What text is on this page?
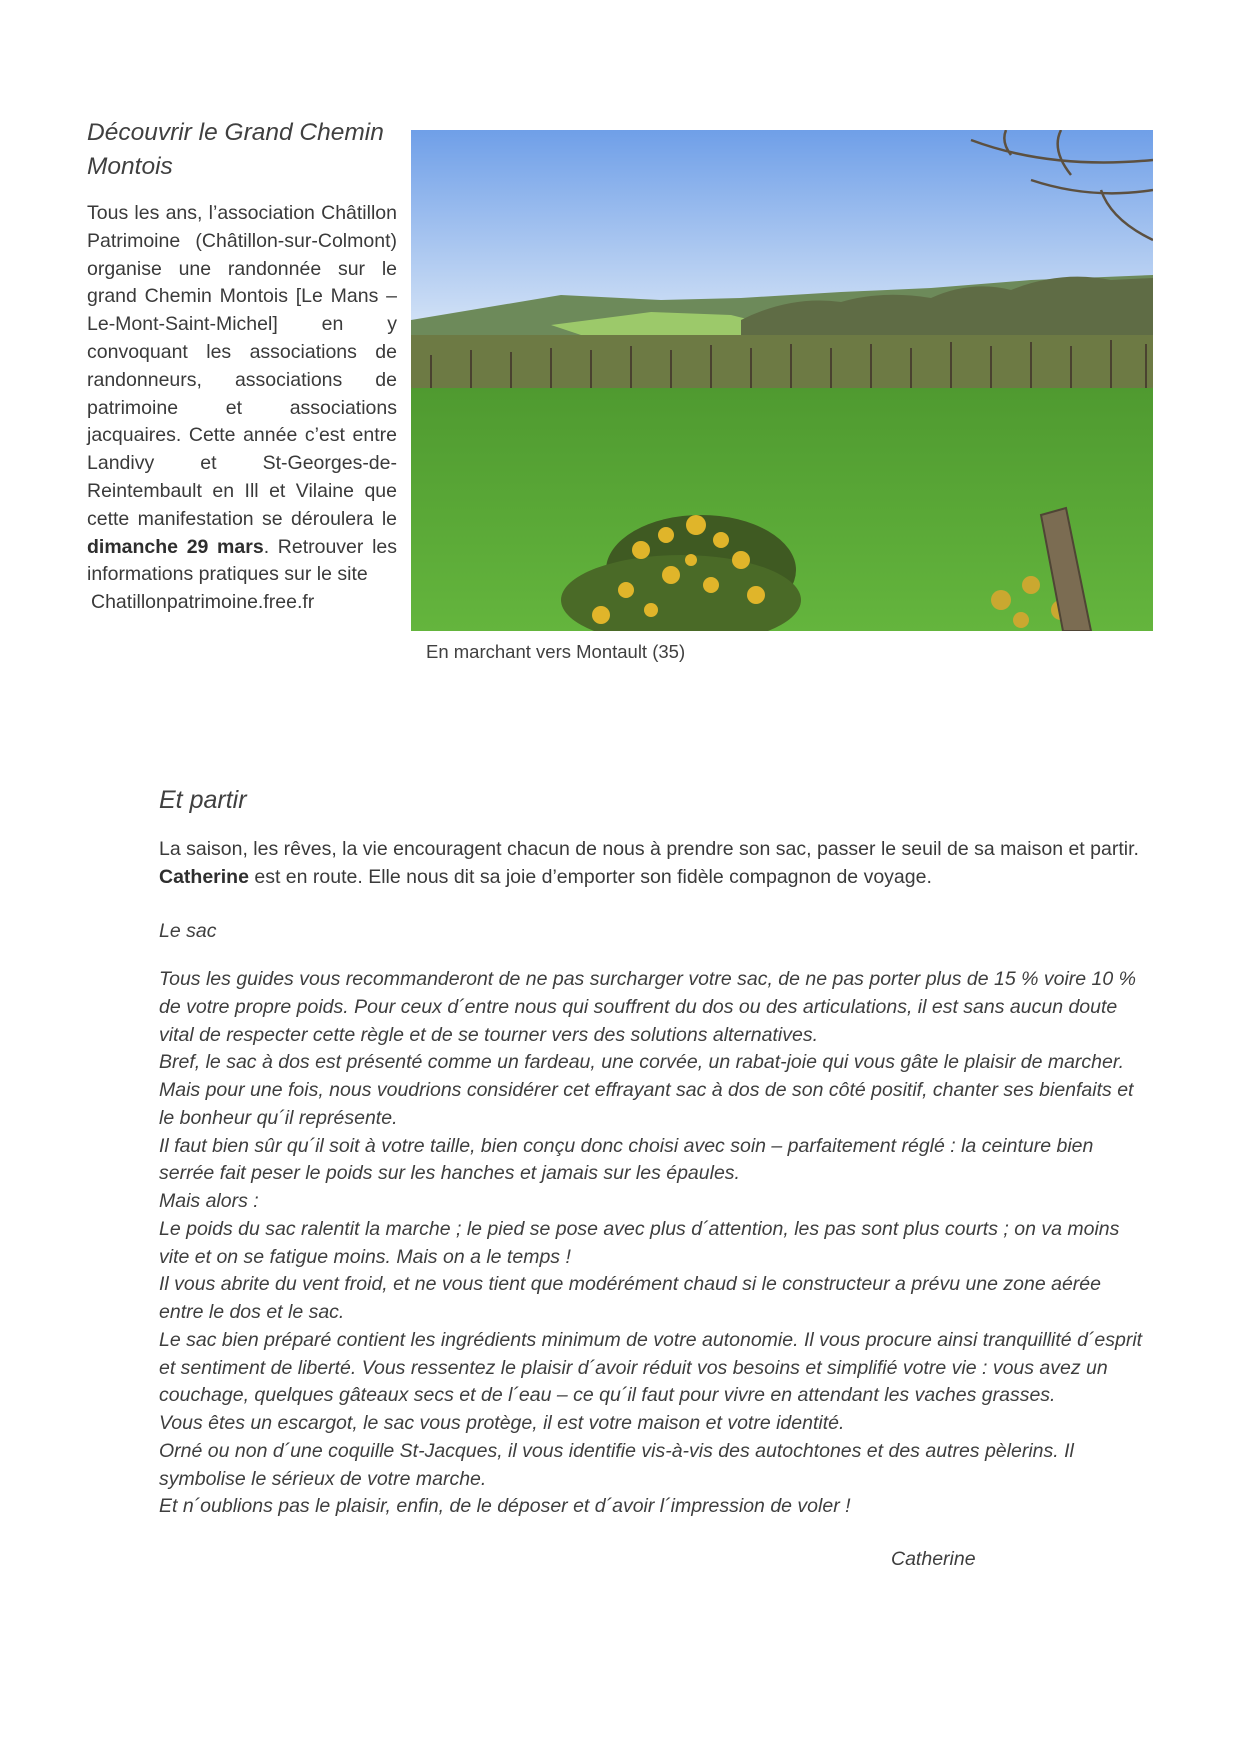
Découvrir le Grand Chemin Montois

Tous les ans, l’association Châtillon Patrimoine (Châtillon-sur-Colmont) organise une randonnée sur le grand Chemin Montois [Le Mans – Le-Mont-Saint-Michel] en y convoquant les associations de randonneurs, associations de patrimoine et associations jacquaires. Cette année c’est entre Landivy et St-Georges-de-Reintembault en Ill et Vilaine que cette manifestation se déroulera le dimanche 29 mars. Retrouver les informations pratiques sur le site
Chatillonpatrimoine.free.fr

En marchant vers Montault (35)
Et partir

La saison, les rêves, la vie encouragent chacun de nous à prendre son sac, passer le seuil de sa maison et partir. Catherine est en route. Elle nous dit sa joie d’emporter son fidèle compagnon de voyage.

Le sac

Tous les guides vous recommanderont de ne pas surcharger votre sac, de ne pas porter plus de 15 % voire 10 % de votre propre poids. Pour ceux d´entre nous qui souffrent du dos ou des articulations, il est sans aucun doute vital de respecter cette règle et de se tourner vers des solutions alternatives.

Bref, le sac à dos est présenté comme un fardeau, une corvée, un rabat-joie qui vous gâte le plaisir de marcher. Mais pour une fois, nous voudrions considérer cet effrayant sac à dos de son côté positif, chanter ses bienfaits et le bonheur qu´il représente.

Il faut bien sûr qu´il soit à votre taille, bien conçu donc choisi avec soin – parfaitement réglé : la ceinture bien serrée fait peser le poids sur les hanches et jamais sur les épaules.

Mais alors :

Le poids du sac ralentit la marche ; le pied se pose avec plus d´attention, les pas sont plus courts ; on va moins vite et on se fatigue moins. Mais on a le temps !

Il vous abrite du vent froid, et ne vous tient que modérément chaud si le constructeur a prévu une zone aérée entre le dos et le sac.

Le sac bien préparé contient les ingrédients minimum de votre autonomie. Il vous procure ainsi tranquillité d´esprit et sentiment de liberté. Vous ressentez le plaisir d´avoir réduit vos besoins et simplifié votre vie : vous avez un couchage, quelques gâteaux secs et de l´eau – ce qu´il faut pour vivre en attendant les vaches grasses.

Vous êtes un escargot, le sac vous protège, il est votre maison et votre identité.

Orné ou non d´une coquille St-Jacques, il vous identifie vis-à-vis des autochtones et des autres pèlerins. Il symbolise le sérieux de votre marche.

Et n´oublions pas le plaisir, enfin, de le déposer et d´avoir l´impression de voler !

Catherine
